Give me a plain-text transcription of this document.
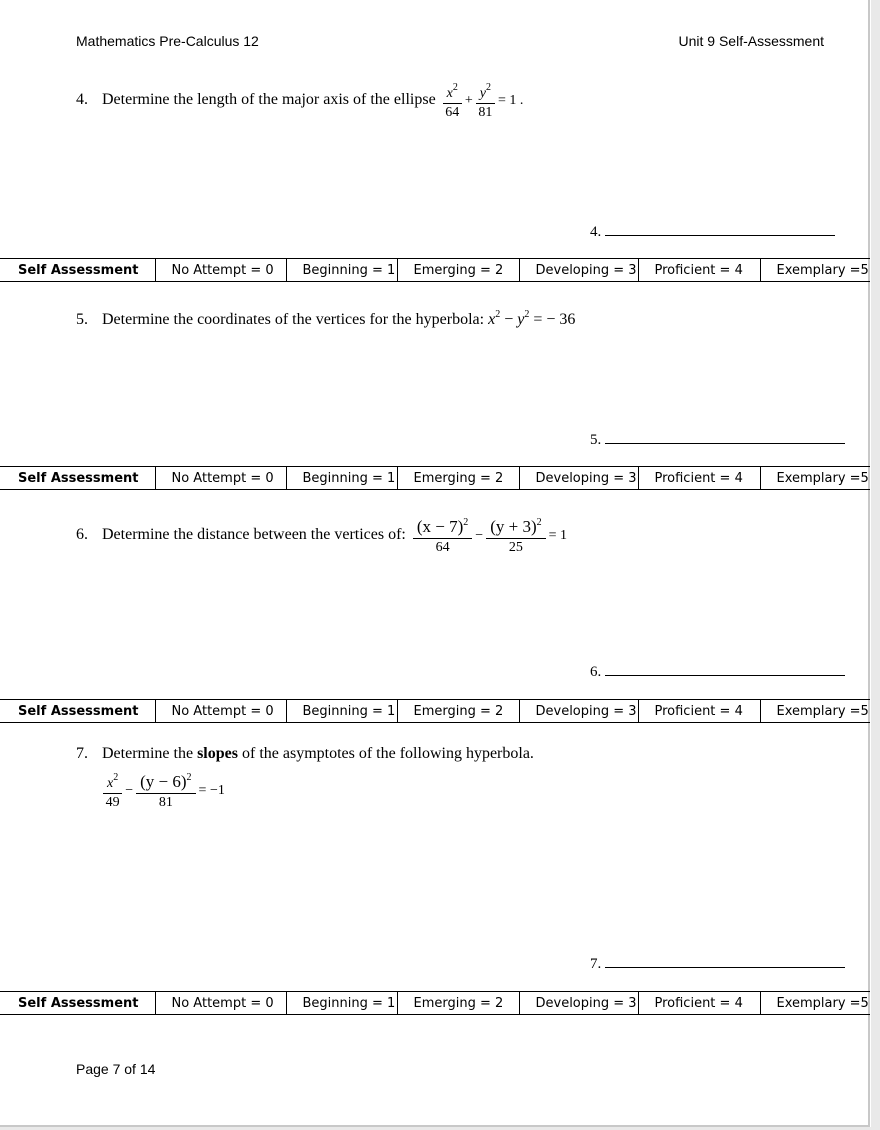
Mathematics Pre-Calculus 12	Unit 9 Self-Assessment
4. Determine the length of the major axis of the ellipse $\frac{x^2}{64} + \frac{y^2}{81} = 1$ .
4.
Self Assessment	No Attempt = 0	Beginning = 1	Emerging = 2	Developing = 3	Proficient = 4	Exemplary =5
5. Determine the coordinates of the vertices for the hyperbola: $x^2 - y^2$ = − 36
5.
Self Assessment	No Attempt = 0	Beginning = 1	Emerging = 2	Developing = 3	Proficient = 4	Exemplary =5
6. Determine the distance between the vertices of: $\frac{(x - 7)^2}{64} - \frac{(y + 3)^2}{25} = 1$
6.
Self Assessment	No Attempt = 0	Beginning = 1	Emerging = 2	Developing = 3	Proficient = 4	Exemplary =5
7. Determine the slopes of the asymptotes of the following hyperbola.
$\frac{x^2}{49} - \frac{(y - 6)^2}{81} = -1$
7.
Self Assessment	No Attempt = 0	Beginning = 1	Emerging = 2	Developing = 3	Proficient = 4	Exemplary =5
Page 7 of 14
